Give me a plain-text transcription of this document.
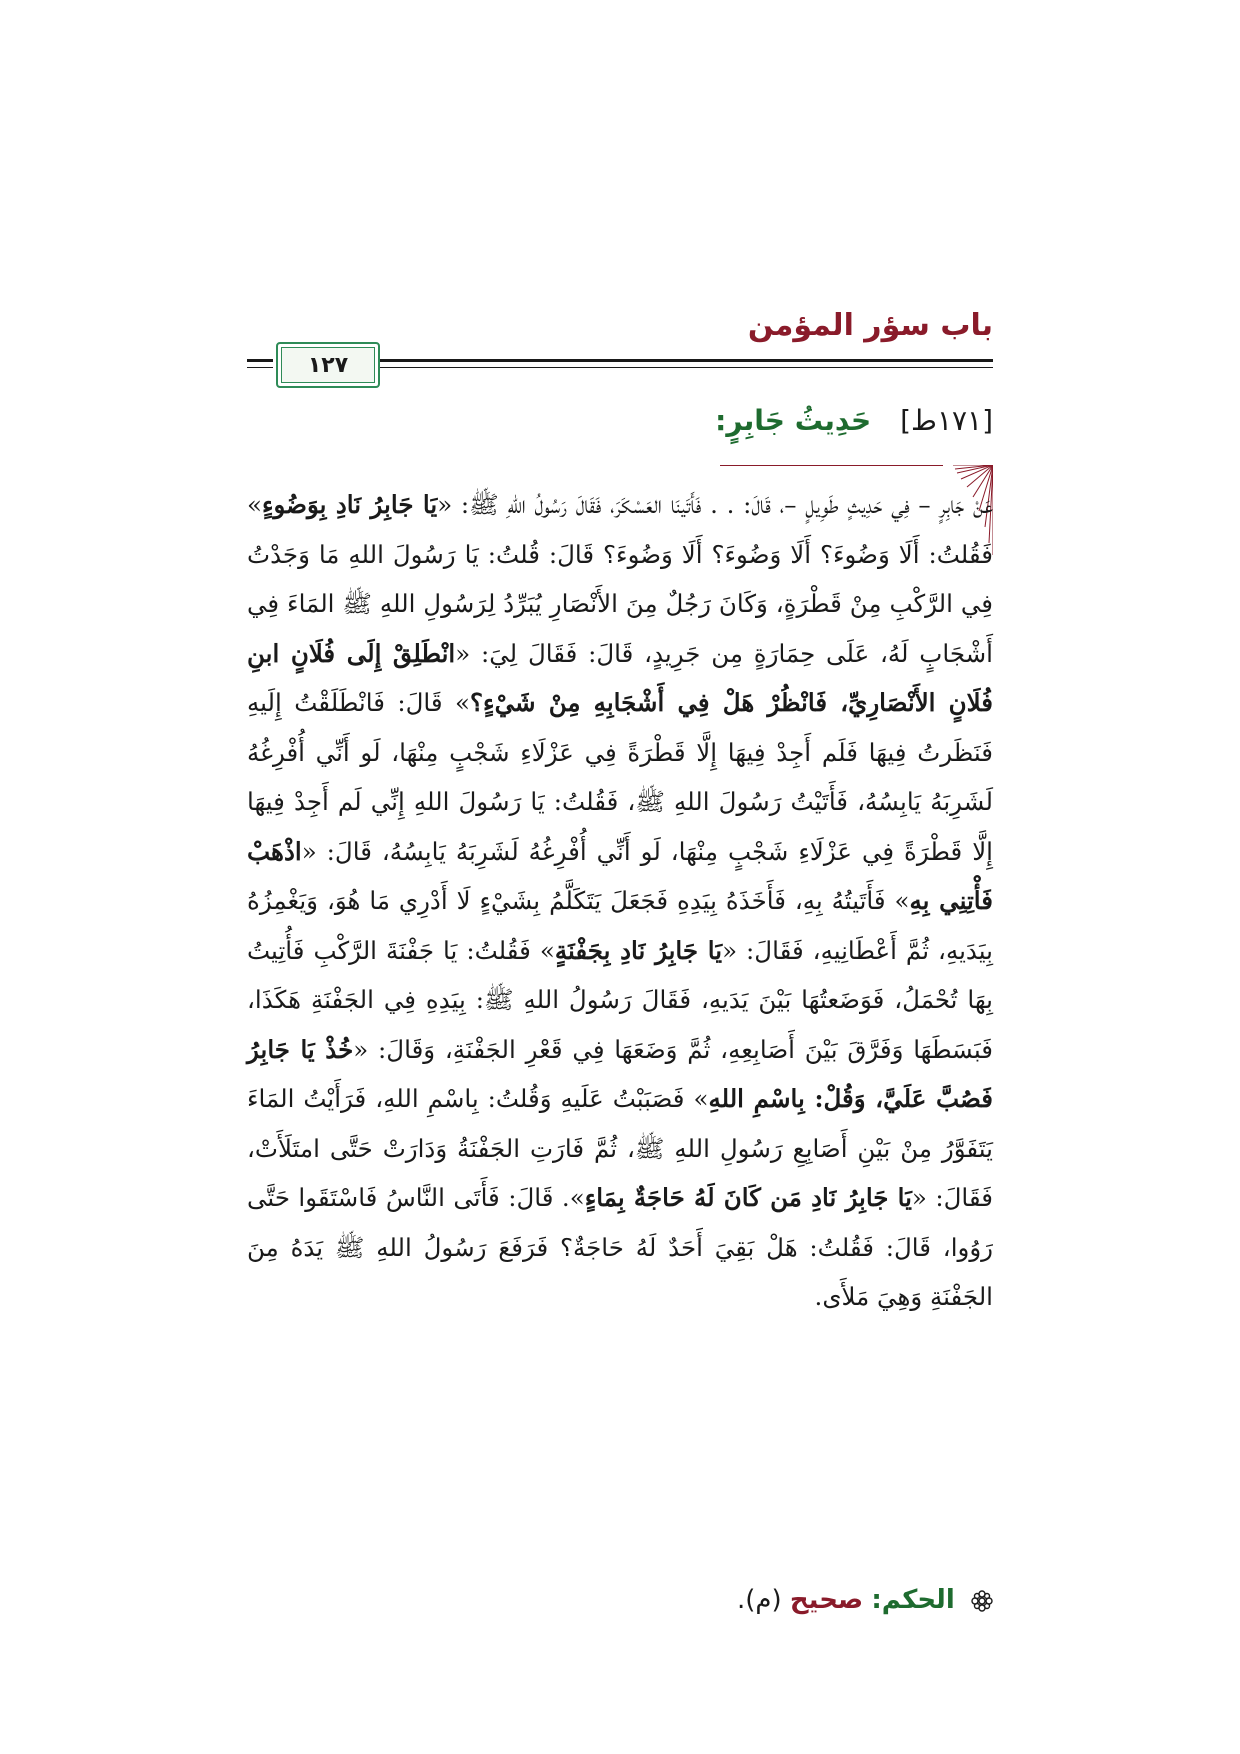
باب سؤر المؤمن
١٢٧
[١٧١ط] حَدِيثُ جَابِرٍ:
عَنْ جَابِرٍ – فِي حَدِيثٍ طَوِيلٍ –، قَالَ: . . فَأَتَينَا العَسْكَرَ، فَقَالَ رَسُولُ اللهِ ﷺ: «يَا جَابِرُ نَادِ بِوَضُوءٍ» فَقُلتُ: أَلَا وَضُوءَ؟ أَلَا وَضُوءَ؟ أَلَا وَضُوءَ؟ قَالَ: قُلتُ: يَا رَسُولَ اللهِ مَا وَجَدْتُ فِي الرَّكْبِ مِنْ قَطْرَةٍ، وَكَانَ رَجُلٌ مِنَ الأَنْصَارِ يُبَرِّدُ لِرَسُولِ اللهِ ﷺ المَاءَ فِي أَشْجَابٍ لَهُ، عَلَى حِمَارَةٍ مِن جَرِيدٍ، قَالَ: فَقَالَ لِيَ: «انْطَلِقْ إِلَى فُلَانٍ ابنِ فُلَانٍ الأَنْصَارِيِّ، فَانْظُرْ هَلْ فِي أَشْجَابِهِ مِنْ شَيْءٍ؟» قَالَ: فَانْطَلَقْتُ إِلَيهِ فَنَظَرتُ فِيهَا فَلَم أَجِدْ فِيهَا إِلَّا قَطْرَةً فِي عَزْلَاءِ شَجْبٍ مِنْهَا، لَو أَنِّي أُفْرِغُهُ لَشَرِبَهُ يَابِسُهُ، فَأَتَيْتُ رَسُولَ اللهِ ﷺ، فَقُلتُ: يَا رَسُولَ اللهِ إِنِّي لَم أَجِدْ فِيهَا إِلَّا قَطْرَةً فِي عَزْلَاءِ شَجْبٍ مِنْهَا، لَو أَنِّي أُفْرِغُهُ لَشَرِبَهُ يَابِسُهُ، قَالَ: «اذْهَبْ فَأْتِنِي بِهِ» فَأَتَيتُهُ بِهِ، فَأَخَذَهُ بِيَدِهِ فَجَعَلَ يَتَكَلَّمُ بِشَيْءٍ لَا أَدْرِي مَا هُوَ، وَيَغْمِزُهُ بِيَدَيهِ، ثُمَّ أَعْطَانِيهِ، فَقَالَ: «يَا جَابِرُ نَادِ بِجَفْنَةٍ» فَقُلتُ: يَا جَفْنَةَ الرَّكْبِ فَأُتِيتُ بِهَا تُحْمَلُ، فَوَضَعتُهَا بَيْنَ يَدَيهِ، فَقَالَ رَسُولُ اللهِ ﷺ: بِيَدِهِ فِي الجَفْنَةِ هَكَذَا، فَبَسَطَهَا وَفَرَّقَ بَيْنَ أَصَابِعِهِ، ثُمَّ وَضَعَهَا فِي قَعْرِ الجَفْنَةِ، وَقَالَ: «خُذْ يَا جَابِرُ فَصُبَّ عَلَيَّ، وَقُلْ: بِاسْمِ اللهِ» فَصَبَبْتُ عَلَيهِ وَقُلتُ: بِاسْمِ اللهِ، فَرَأَيْتُ المَاءَ يَتَفَوَّرُ مِنْ بَيْنِ أَصَابِعِ رَسُولِ اللهِ ﷺ، ثُمَّ فَارَتِ الجَفْنَةُ وَدَارَتْ حَتَّى امتَلَأَتْ، فَقَالَ: «يَا جَابِرُ نَادِ مَن كَانَ لَهُ حَاجَةٌ بِمَاءٍ». قَالَ: فَأَتَى النَّاسُ فَاسْتَقَوا حَتَّى رَوُوا، قَالَ: فَقُلتُ: هَلْ بَقِيَ أَحَدٌ لَهُ حَاجَةٌ؟ فَرَفَعَ رَسُولُ اللهِ ﷺ يَدَهُ مِنَ الجَفْنَةِ وَهِيَ مَلأَى.
الحكم: صحيح (م).
